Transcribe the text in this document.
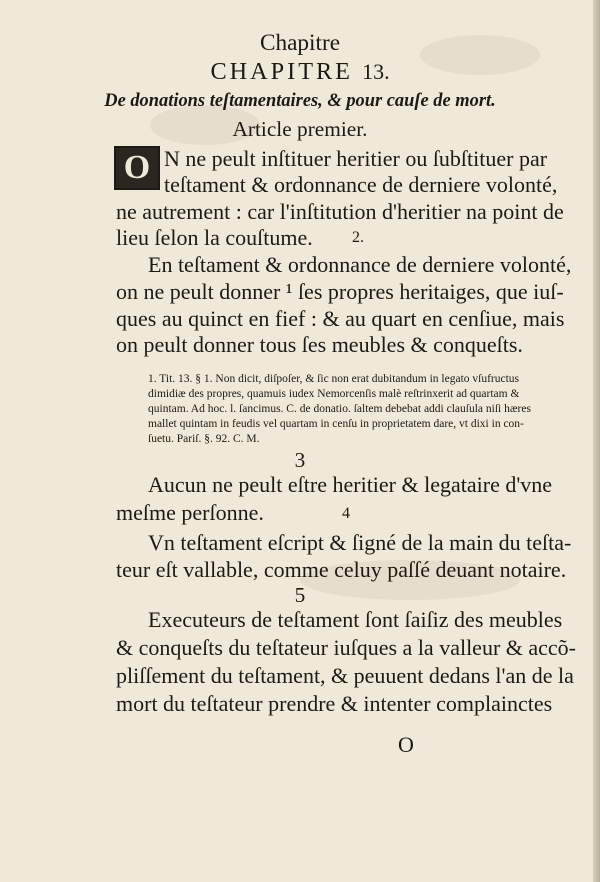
Chapitre
CHAPITRE 13.
De donations teſtamentaires, & pour cauſe de mort.
Article premier.
O N ne peult inſtituer heritier ou ſubſtituer par
teſtament & ordonnance de derniere volonté,
ne autrement : car l'inſtitution d'heritier na point de
lieu ſelon la couſtume. 2.
En teſtament & ordonnance de derniere volonté,
on ne peult donner ¹ ſes propres heritaiges, que iuſ-
ques au quinct en fief : & au quart en cenſiue, mais
on peult donner tous ſes meubles & conqueſts.
1. Tit. 13. § 1. Non dicit, diſpoſer, & ſic non erat dubitandum in legato vſufructus
dimidiæ des propres, quamuis iudex Nemorcenſis malè reſtrinxerit ad quartam &
quintam. Ad hoc. l. ſancimus. C. de donatio. ſaltem debebat addi clauſula niſi hæres
mallet quintam in feudis vel quartam in cenſu in proprietatem dare, vt dixi in con-
ſuetu. Pariſ. §. 92. C. M.
3
Aucun ne peult eſtre heritier & legataire d'vne
meſme perſonne.	4
Vn teſtament eſcript & ſigné de la main du teſta-
teur eſt vallable, comme celuy paſſé deuant notaire.
5
Executeurs de teſtament ſont ſaiſiz des meubles
& conqueſts du teſtateur iuſques a la valleur & accõ-
pliſſement du teſtament, & peuuent dedans l'an de la
mort du teſtateur prendre & intenter complainctes
O
